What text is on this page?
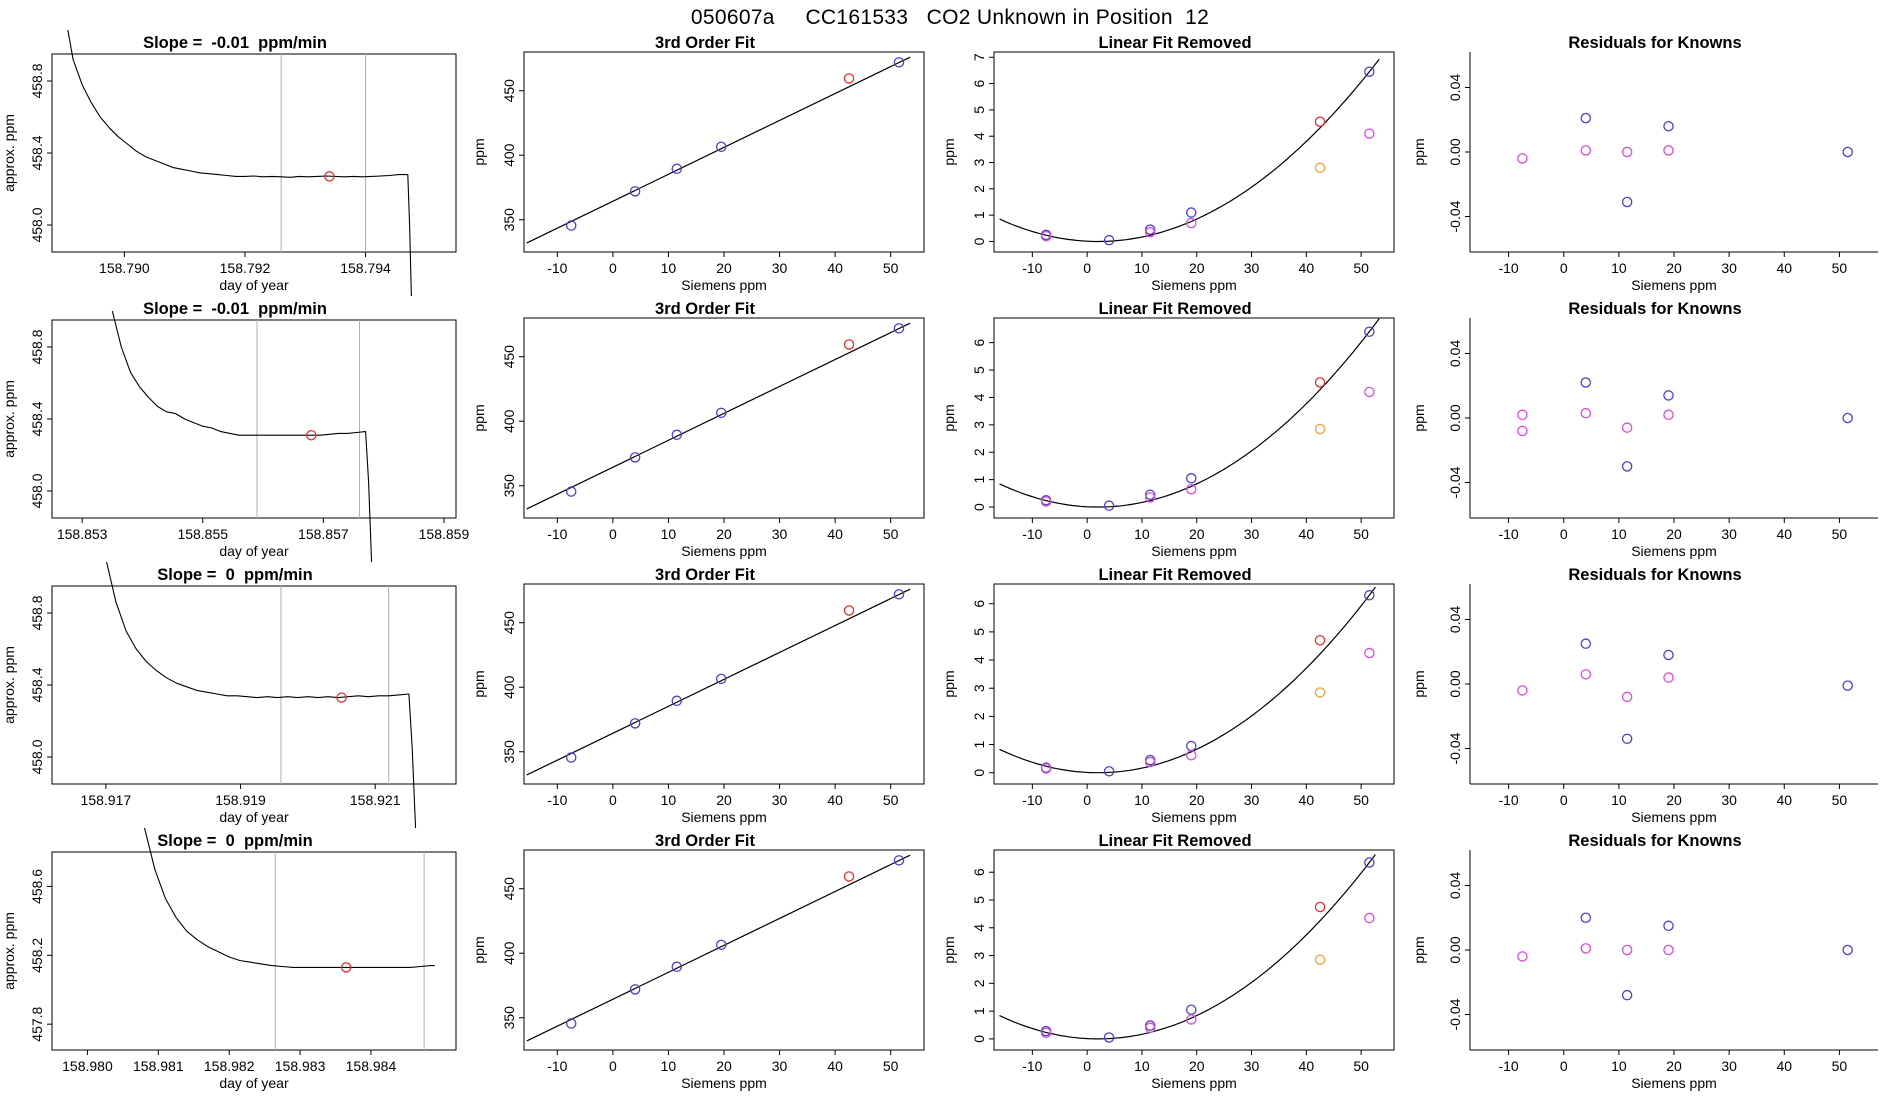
050607a     CC161533   CO2 Unknown in Position  12
Slope =  -0.01  ppm/min
158.790	158.792	158.794
458.0
458.4
458.8
day of year
approx. ppm
3rd Order Fit
-10	0	10	20	30	40	50
350
400
450
Siemens ppm
ppm
Linear Fit Removed
-10	0	10	20	30	40	50
0
1
2
3
4
5
6
7
Siemens ppm
ppm
Residuals for Knowns
-10	0	10	20	30	40	50
-0.04
0.00
0.04
Siemens ppm
ppm
Slope =  -0.01  ppm/min
158.853	158.855	158.857	158.859
458.0
458.4
458.8
day of year
approx. ppm
3rd Order Fit
-10	0	10	20	30	40	50
350
400
450
Siemens ppm
ppm
Linear Fit Removed
-10	0	10	20	30	40	50
0
1
2
3
4
5
6
Siemens ppm
ppm
Residuals for Knowns
-10	0	10	20	30	40	50
-0.04
0.00
0.04
Siemens ppm
ppm
Slope =  0  ppm/min
158.917	158.919	158.921
458.0
458.4
458.8
day of year
approx. ppm
3rd Order Fit
-10	0	10	20	30	40	50
350
400
450
Siemens ppm
ppm
Linear Fit Removed
-10	0	10	20	30	40	50
0
1
2
3
4
5
6
Siemens ppm
ppm
Residuals for Knowns
-10	0	10	20	30	40	50
-0.04
0.00
0.04
Siemens ppm
ppm
Slope =  0  ppm/min
158.980 158.981 158.982 158.983 158.984
457.8
458.2
458.6
day of year
approx. ppm
3rd Order Fit
-10	0	10	20	30	40	50
350
400
450
Siemens ppm
ppm
Linear Fit Removed
-10	0	10	20	30	40	50
0
1
2
3
4
5
6
Siemens ppm
ppm
Residuals for Knowns
-10	0	10	20	30	40	50
-0.04
0.00
0.04
Siemens ppm
ppm
